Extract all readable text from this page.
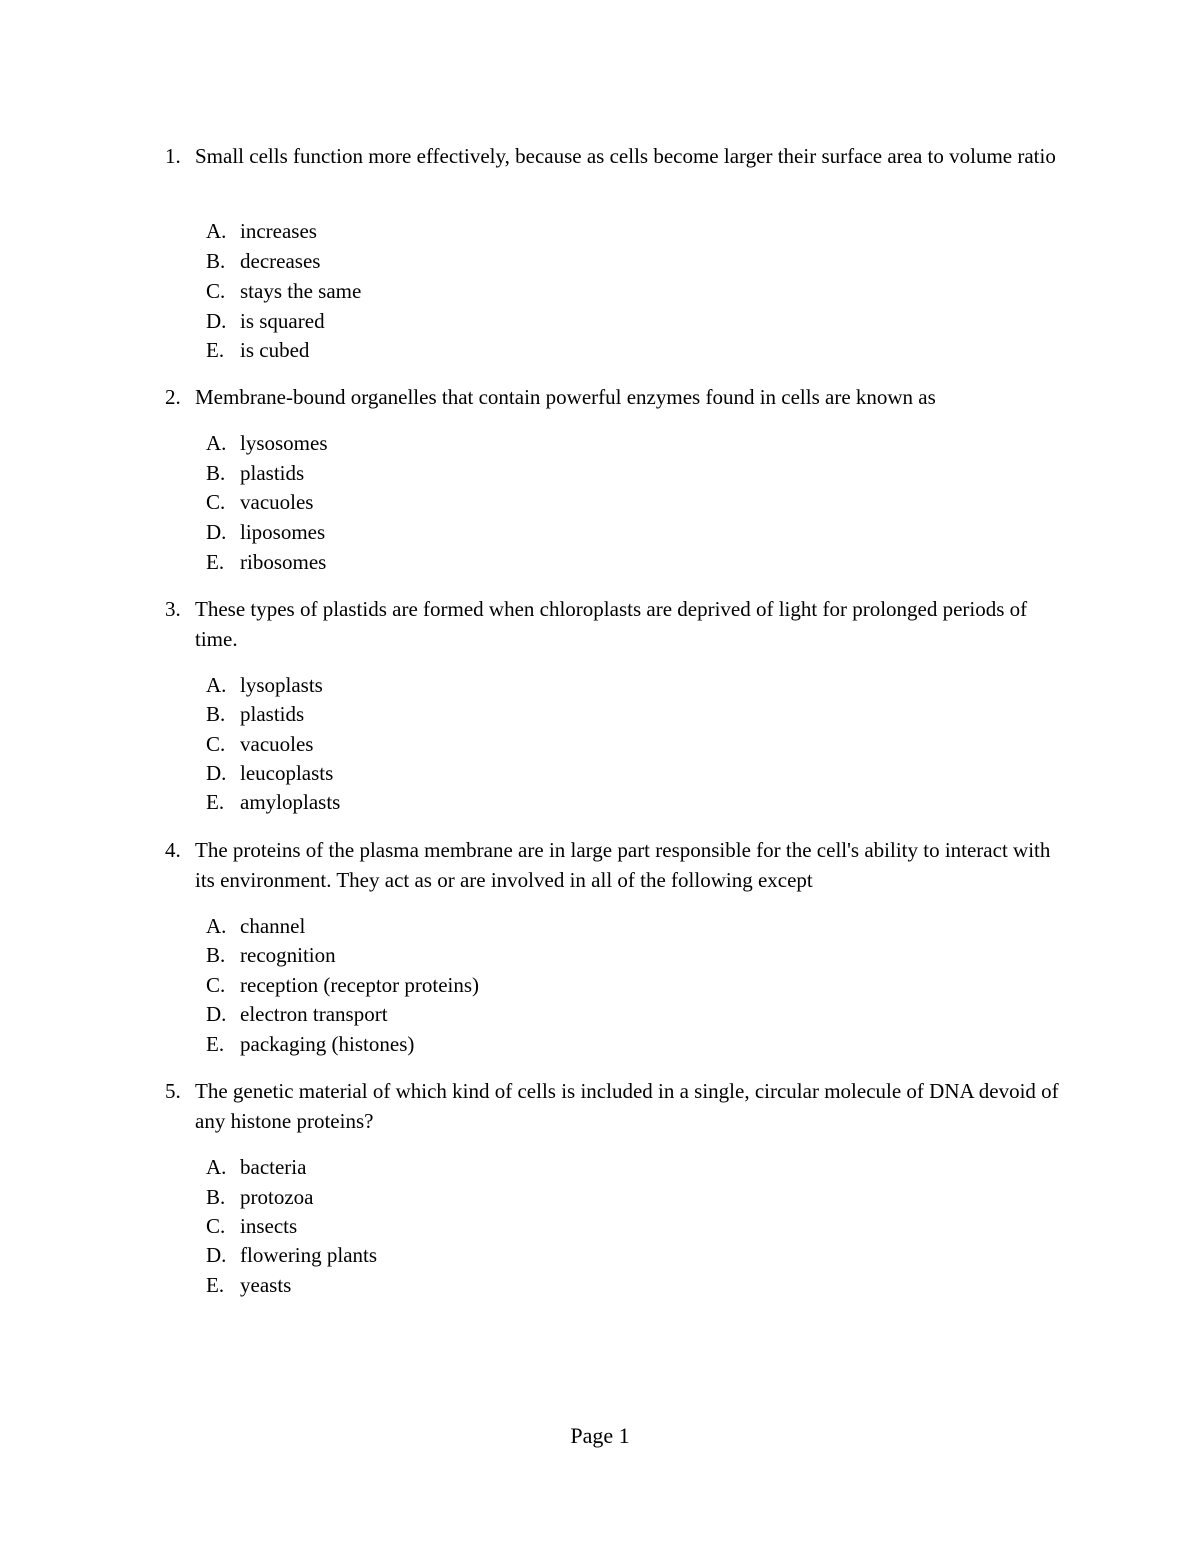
1. Small cells function more effectively, because as cells become larger their surface area to volume ratio
A. increases
B. decreases
C. stays the same
D. is squared
E. is cubed
2. Membrane-bound organelles that contain powerful enzymes found in cells are known as
A. lysosomes
B. plastids
C. vacuoles
D. liposomes
E. ribosomes
3. These types of plastids are formed when chloroplasts are deprived of light for prolonged periods of time.
A. lysoplasts
B. plastids
C. vacuoles
D. leucoplasts
E. amyloplasts
4. The proteins of the plasma membrane are in large part responsible for the cell's ability to interact with its environment. They act as or are involved in all of the following except
A. channel
B. recognition
C. reception (receptor proteins)
D. electron transport
E. packaging (histones)
5. The genetic material of which kind of cells is included in a single, circular molecule of DNA devoid of any histone proteins?
A. bacteria
B. protozoa
C. insects
D. flowering plants
E. yeasts
Page 1
